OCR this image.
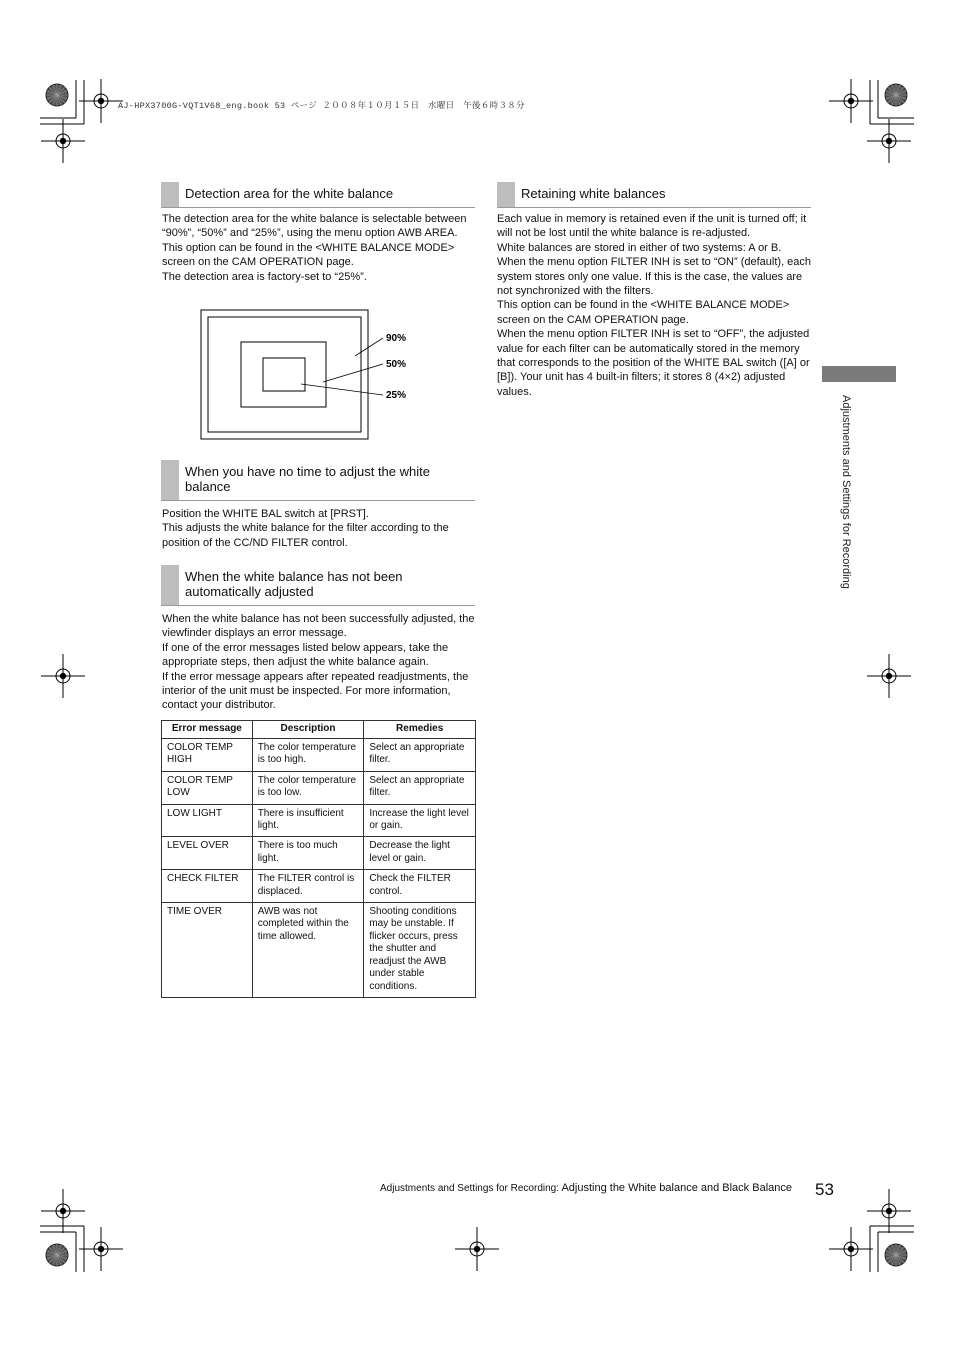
AJ-HPX3700G-VQT1V68_eng.book 53 ページ ２００８年１０月１５日　水曜日　午後６時３８分
Detection area for the white balance

The detection area for the white balance is selectable between “90%”, “50%” and “25%”, using the menu option AWB AREA.

This option can be found in the <WHITE BALANCE MODE> screen on the CAM OPERATION page.

The detection area is factory-set to “25%”.

90%
50%
25%
When you have no time to adjust the white balance

Position the WHITE BAL switch at [PRST].

This adjusts the white balance for the filter according to the position of the CC/ND FILTER control.

When the white balance has not been automatically adjusted

When the white balance has not been successfully adjusted, the viewfinder displays an error message.

If one of the error messages listed below appears, take the appropriate steps, then adjust the white balance again.

If the error message appears after repeated readjustments, the interior of the unit must be inspected. For more information, contact your distributor.

Error message	Description	Remedies
COLOR TEMP HIGH	The color temperature is too high.	Select an appropriate filter.
COLOR TEMP LOW	The color temperature is too low.	Select an appropriate filter.
LOW LIGHT	There is insufficient light.	Increase the light level or gain.
LEVEL OVER	There is too much light.	Decrease the light level or gain.
CHECK FILTER	The FILTER control is displaced.	Check the FILTER control.
TIME OVER	AWB was not completed within the time allowed.	Shooting conditions may be unstable. If flicker occurs, press the shutter and readjust the AWB under stable conditions.
Retaining white balances

Each value in memory is retained even if the unit is turned off; it will not be lost until the white balance is re-adjusted.

White balances are stored in either of two systems: A or B.

When the menu option FILTER INH is set to “ON” (default), each system stores only one value. If this is the case, the values are not synchronized with the filters.

This option can be found in the <WHITE BALANCE MODE> screen on the CAM OPERATION page.

When the menu option FILTER INH is set to “OFF”, the adjusted value for each filter can be automatically stored in the memory that corresponds to the position of the WHITE BAL switch ([A] or [B]). Your unit has 4 built-in filters; it stores 8 (4×2) adjusted values.

Adjustments and Settings for Recording
Adjustments and Settings for Recording: Adjusting the White balance and Black Balance 53
